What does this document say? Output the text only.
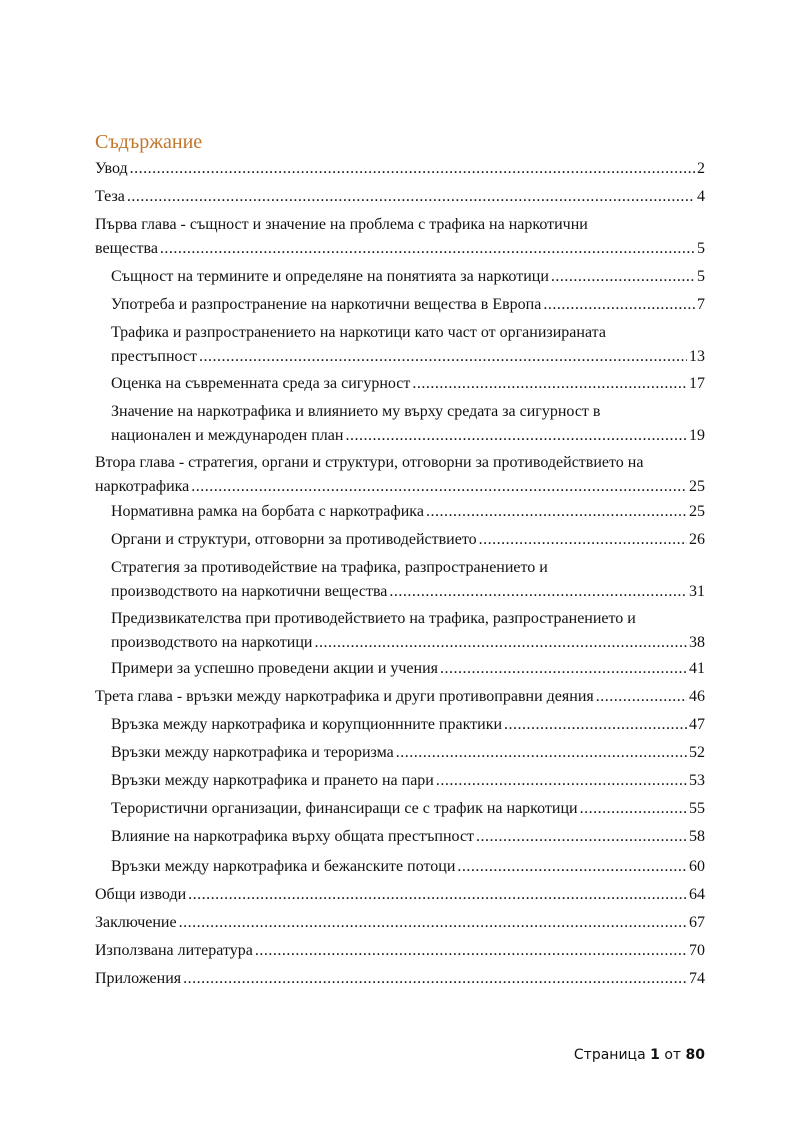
Съдържание
Увод .....	2
Теза .....	4
Първа глава - същност и значение на проблема с трафика на наркотични
вещества .....	5
Същност на термините и определяне на понятията за наркотици .....	5
Употреба и разпространение на наркотични вещества в Европа .....	7
Трафика и разпространението на наркотици като част от организираната
престъпност .....	13
Оценка на съвременната среда за сигурност .....	17
Значение на наркотрафика и влиянието му върху средата за сигурност в
национален и международен план .....	19
Втора глава - стратегия, органи и структури, отговорни за противодействието на
наркотрафика .....	25
Нормативна рамка на борбата с наркотрафика .....	25
Органи и структури, отговорни за противодействието .....	26
Стратегия за противодействие на трафика, разпространението и
производството на наркотични вещества .....	31
Предизвикателства при противодействието на трафика, разпространението и
производството на наркотици .....	38
Примери за успешно проведени акции и учения .....	41
Трета глава - връзки между наркотрафика и други противоправни деяния .....	46
Връзка между наркотрафика и корупционнните практики .....	47
Връзки между наркотрафика и тероризма .....	52
Връзки между наркотрафика и прането на пари .....	53
Терористични организации, финансиращи се с трафик на наркотици .....	55
Влияние на наркотрафика върху общата престъпност .....	58
Връзки между наркотрафика и бежанските потоци .....	60
Общи изводи .....	64
Заключение .....	67
Използвана литература .....	70
Приложения .....	74
Страница 1 от 80
